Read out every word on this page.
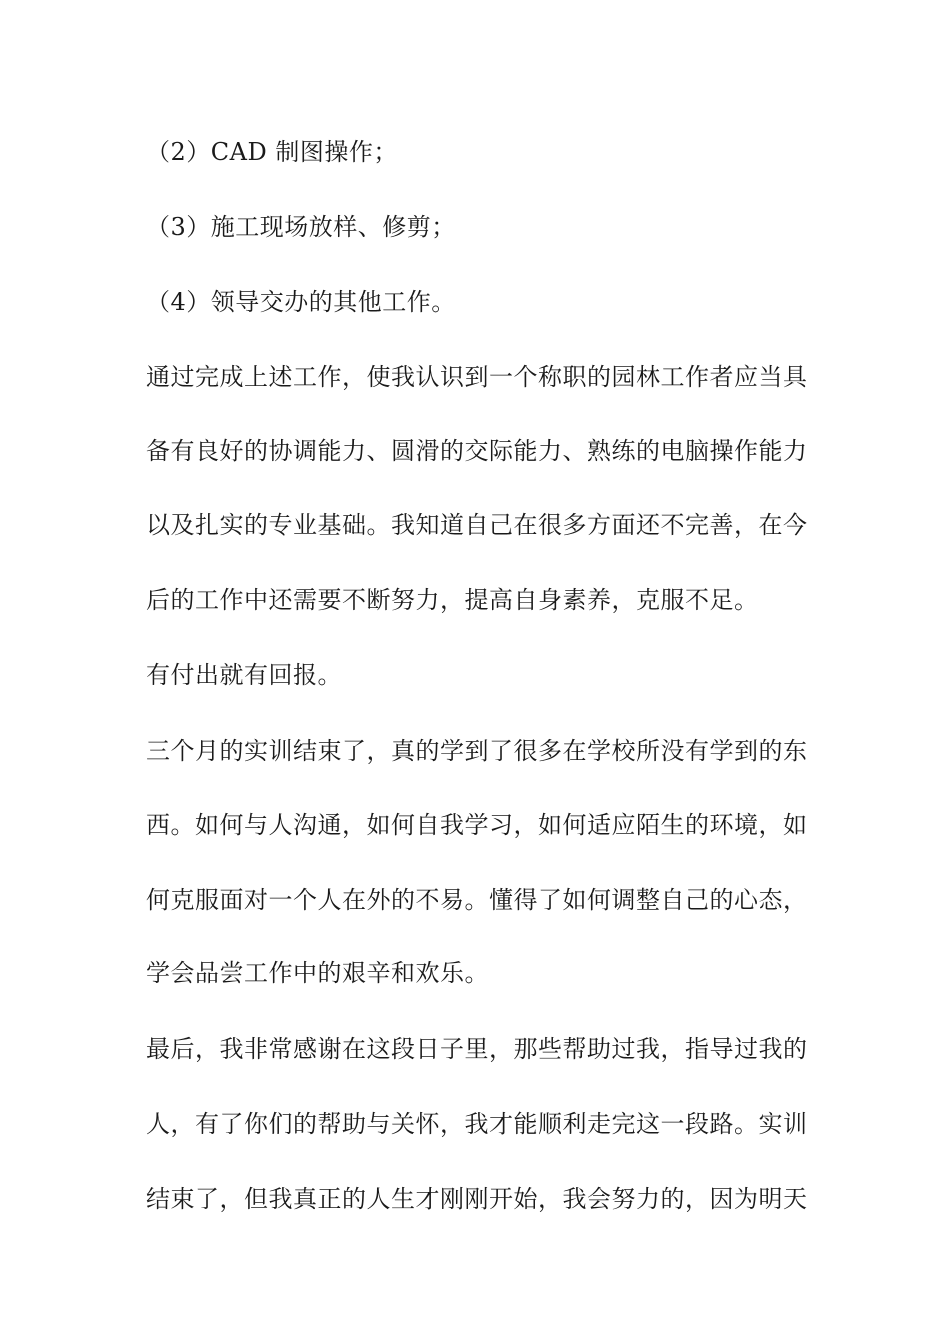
（2）CAD 制图操作；
（3）施工现场放样、修剪；
（4）领导交办的其他工作。
通过完成上述工作，使我认识到一个称职的园林工作者应当具
备有良好的协调能力、圆滑的交际能力、熟练的电脑操作能力
以及扎实的专业基础。我知道自己在很多方面还不完善，在今
后的工作中还需要不断努力，提高自身素养，克服不足。
有付出就有回报。
三个月的实训结束了，真的学到了很多在学校所没有学到的东
西。如何与人沟通，如何自我学习，如何适应陌生的环境，如
何克服面对一个人在外的不易。懂得了如何调整自己的心态，
学会品尝工作中的艰辛和欢乐。
最后，我非常感谢在这段日子里，那些帮助过我，指导过我的
人，有了你们的帮助与关怀，我才能顺利走完这一段路。实训
结束了，但我真正的人生才刚刚开始，我会努力的，因为明天
